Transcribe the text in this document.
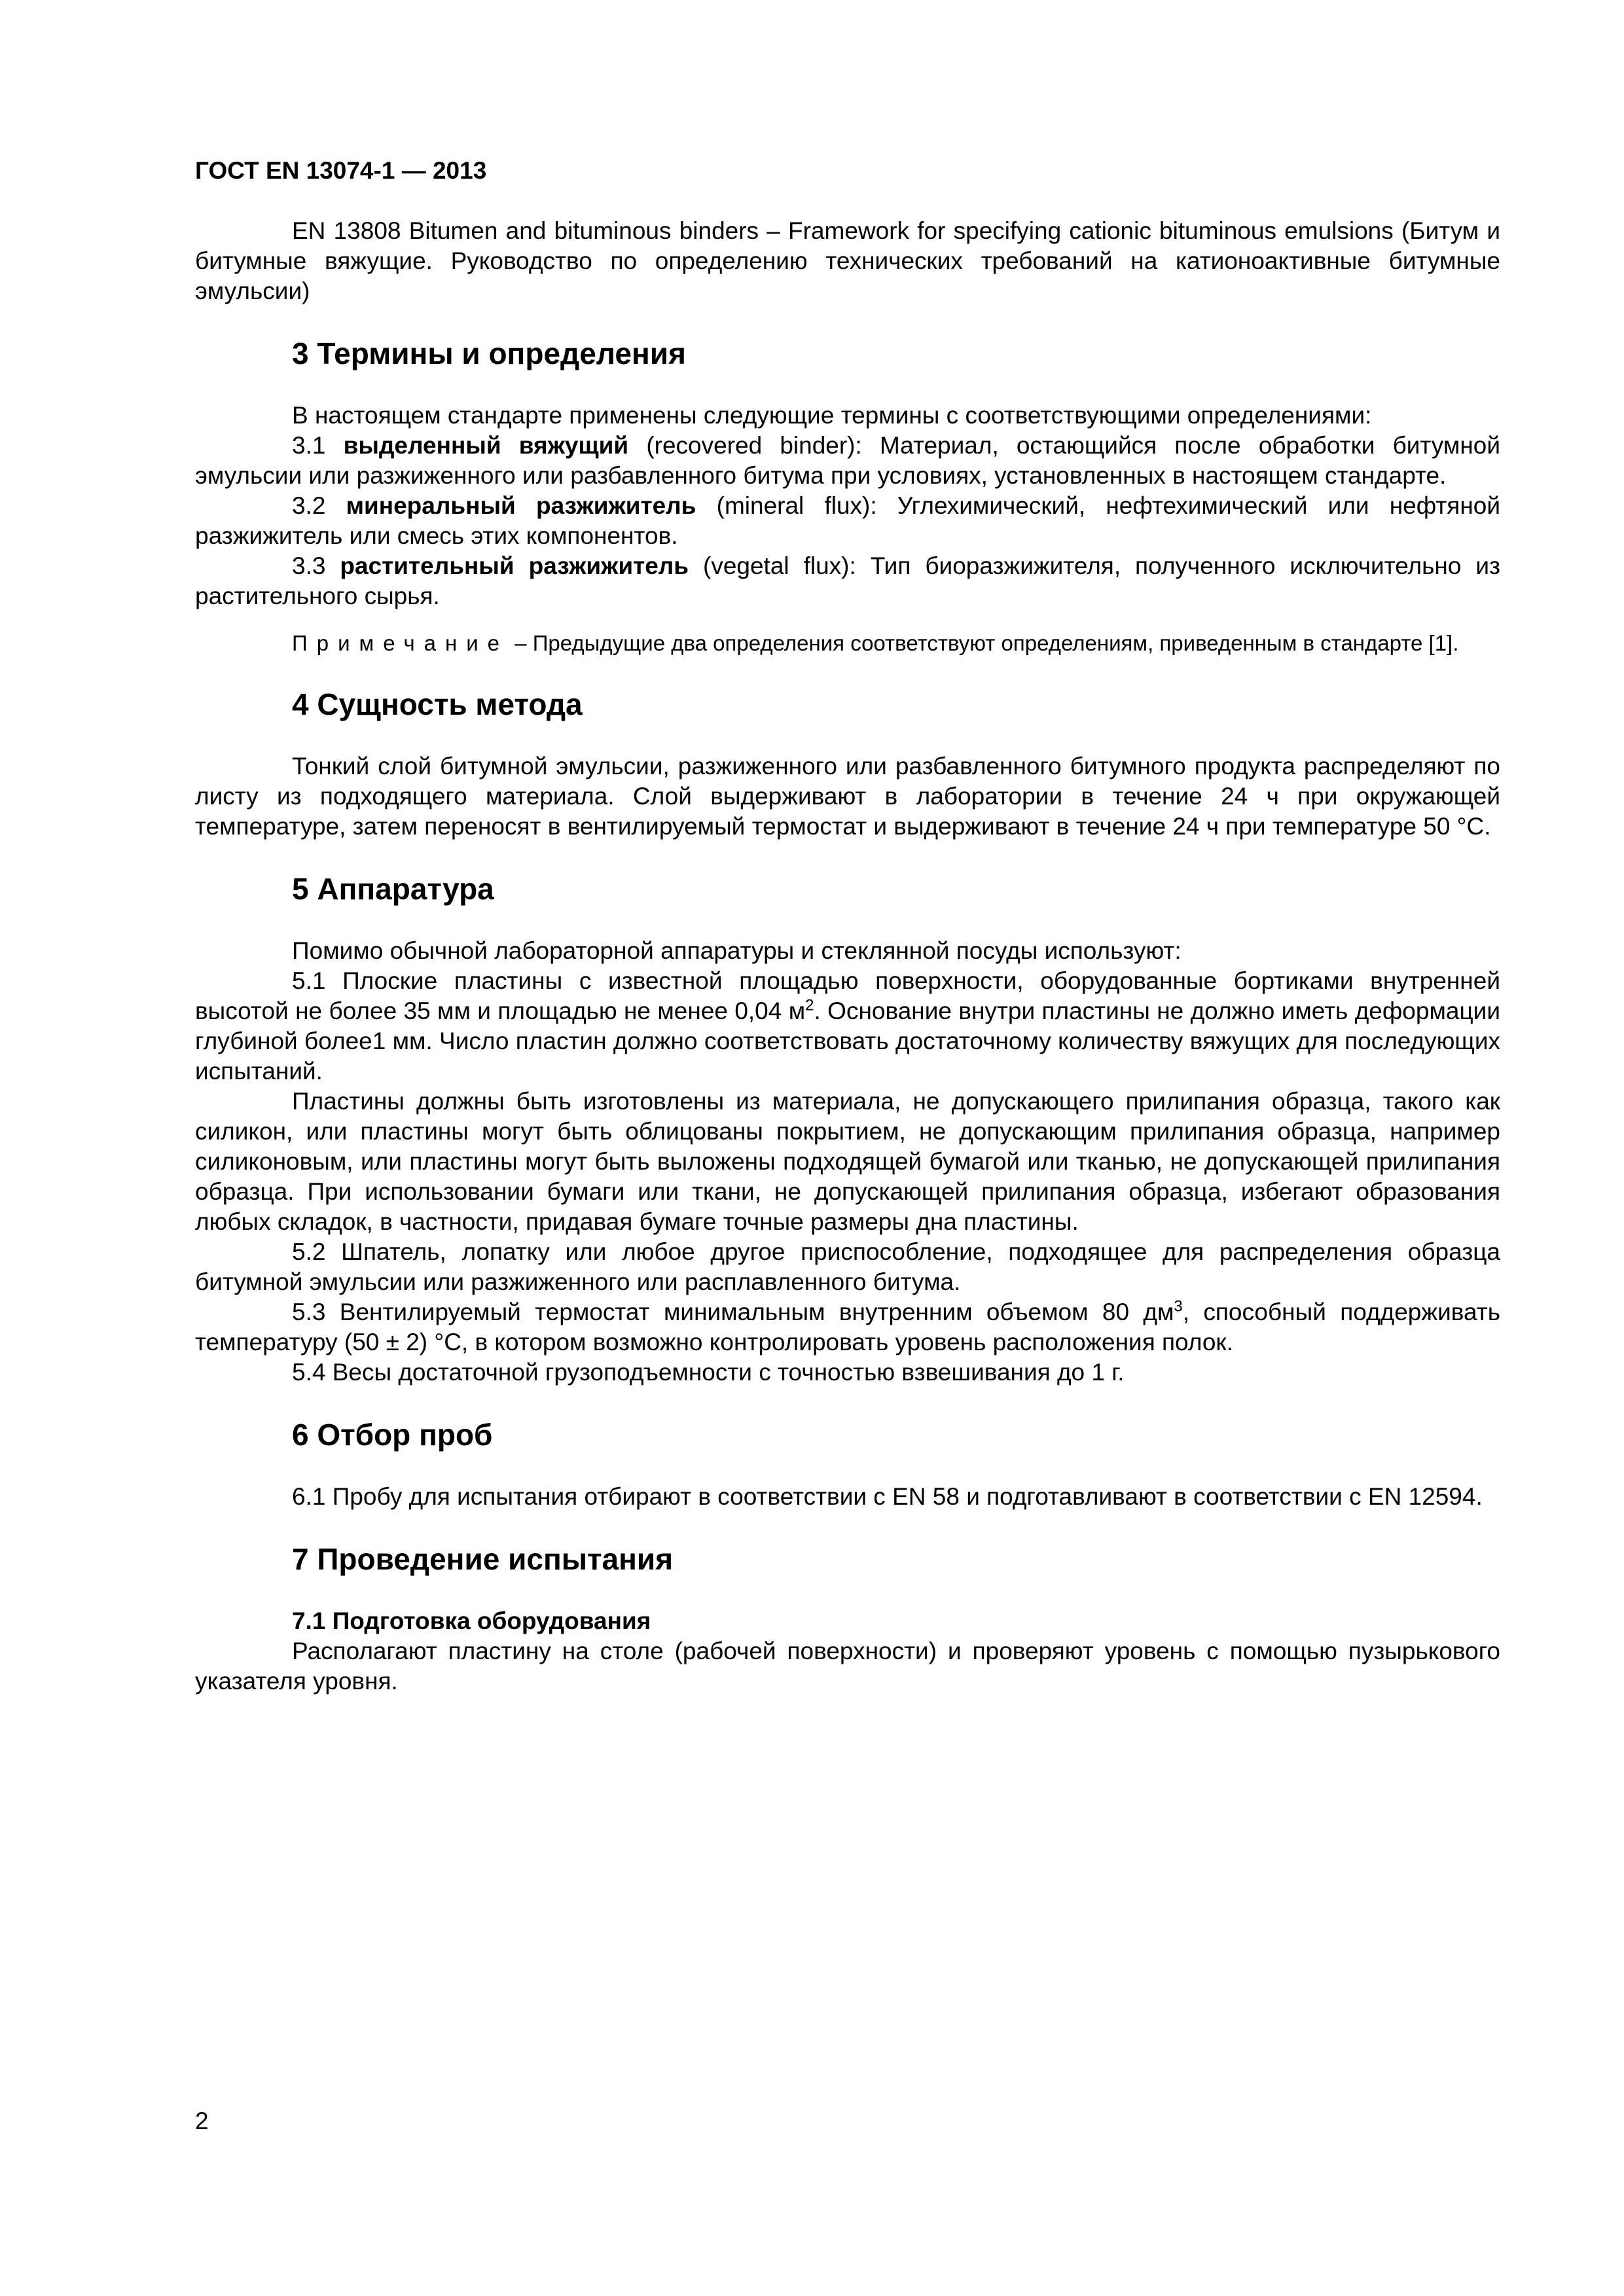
ГОСТ EN 13074-1 — 2013

EN 13808 Bitumen and bituminous binders – Framework for specifying cationic bituminous emulsions (Битум и битумные вяжущие. Руководство по определению технических требований на катионоактивные битумные эмульсии)

3 Термины и определения

В настоящем стандарте применены следующие термины с соответствующими определениями:

3.1 выделенный вяжущий (recovered binder): Материал, остающийся после обработки битумной эмульсии или разжиженного или разбавленного битума при условиях, установленных в настоящем стандарте.

3.2 минеральный разжижитель (mineral flux): Углехимический, нефтехимический или нефтяной разжижитель или смесь этих компонентов.

3.3 растительный разжижитель (vegetal flux): Тип биоразжижителя, полученного исключительно из растительного сырья.

Примечание – Предыдущие два определения соответствуют определениям, приведенным в стандарте [1].
4 Сущность метода

Тонкий слой битумной эмульсии, разжиженного или разбавленного битумного продукта распределяют по листу из подходящего материала. Слой выдерживают в лаборатории в течение 24 ч при окружающей температуре, затем переносят в вентилируемый термостат и выдерживают в течение 24 ч при температуре 50 °С.

5 Аппаратура

Помимо обычной лабораторной аппаратуры и стеклянной посуды используют:

5.1 Плоские пластины с известной площадью поверхности, оборудованные бортиками внутренней высотой не более 35 мм и площадью не менее 0,04 $м^2$. Основание внутри пластины не должно иметь деформации глубиной более1 мм. Число пластин должно соответствовать достаточному количеству вяжущих для последующих испытаний.

Пластины должны быть изготовлены из материала, не допускающего прилипания образца, такого как силикон, или пластины могут быть облицованы покрытием, не допускающим прилипания образца, например силиконовым, или пластины могут быть выложены подходящей бумагой или тканью, не допускающей прилипания образца. При использовании бумаги или ткани, не допускающей прилипания образца, избегают образования любых складок, в частности, придавая бумаге точные размеры дна пластины.

5.2 Шпатель, лопатку или любое другое приспособление, подходящее для распределения образца битумной эмульсии или разжиженного или расплавленного битума.

5.3 Вентилируемый термостат минимальным внутренним объемом 80 $дм^3$, способный поддерживать температуру (50 ± 2) °С, в котором возможно контролировать уровень расположения полок.

5.4 Весы достаточной грузоподъемности с точностью взвешивания до 1 г.

6 Отбор проб

6.1 Пробу для испытания отбирают в соответствии с EN 58 и подготавливают в соответствии с EN 12594.

7 Проведение испытания
7.1 Подготовка оборудования

Располагают пластину на столе (рабочей поверхности) и проверяют уровень с помощью пузырькового указателя уровня.

2
